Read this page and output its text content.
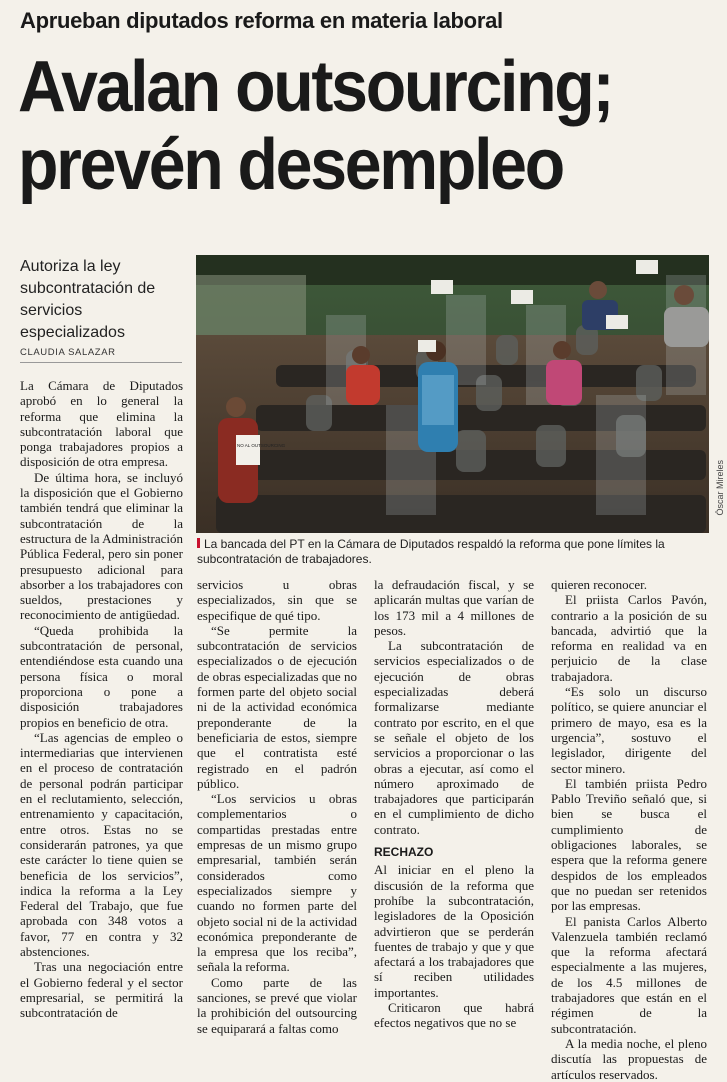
Aprueban diputados reforma en materia laboral
Avalan outsourcing;
prevén desempleo
Autoriza la ley subcontratación de servicios especializados
CLAUDIA SALAZAR
NO AL OUTSOURCING
Óscar Mireles
La bancada del PT en la Cámara de Diputados respaldó la reforma que pone límites la subcontratación de trabajadores.

La Cámara de Diputados aprobó en lo general la reforma que elimina la subcontratación laboral que ponga trabajadores propios a disposición de otra empresa.

De última hora, se incluyó la disposición que el Gobierno también tendrá que eliminar la subcontratación de la estructura de la Administración Pública Federal, pero sin poner presupuesto adicional para absorber a los trabajadores con sueldos, prestaciones y reconocimiento de antigüedad.

“Queda prohibida la subcontratación de personal, entendiéndose esta cuando una persona física o moral proporciona o pone a disposición trabajadores propios en beneficio de otra.

“Las agencias de empleo o intermediarias que intervienen en el proceso de contratación de personal podrán participar en el reclutamiento, selección, entrenamiento y capacitación, entre otros. Estas no se considerarán patrones, ya que este carácter lo tiene quien se beneficia de los servicios”, indica la reforma a la Ley Federal del Trabajo, que fue aprobada con 348 votos a favor, 77 en contra y 32 abstenciones.

Tras una negociación entre el Gobierno federal y el sector empresarial, se permitirá la subcontratación de

servicios u obras especializados, sin que se especifique de qué tipo.

“Se permite la subcontratación de servicios especializados o de ejecución de obras especializadas que no formen parte del objeto social ni de la actividad económica preponderante de la beneficiaria de estos, siempre que el contratista esté registrado en el padrón público.

“Los servicios u obras complementarios o compartidas prestadas entre empresas de un mismo grupo empresarial, también serán considerados como especializados siempre y cuando no formen parte del objeto social ni de la actividad económica preponderante de la empresa que los reciba”, señala la reforma.

Como parte de las sanciones, se prevé que violar la prohibición del outsourcing se equiparará a faltas como

la defraudación fiscal, y se aplicarán multas que varían de los 173 mil a 4 millones de pesos.

La subcontratación de servicios especializados o de ejecución de obras especializadas deberá formalizarse mediante contrato por escrito, en el que se señale el objeto de los servicios a proporcionar o las obras a ejecutar, así como el número aproximado de trabajadores que participarán en el cumplimiento de dicho contrato.

RECHAZO

Al iniciar en el pleno la discusión de la reforma que prohíbe la subcontratación, legisladores de la Oposición advirtieron que se perderán fuentes de trabajo y que y que afectará a los trabajadores que sí reciben utilidades importantes.

Criticaron que habrá efectos negativos que no se

quieren reconocer.

El priista Carlos Pavón, contrario a la posición de su bancada, advirtió que la reforma en realidad va en perjuicio de la clase trabajadora.

“Es solo un discurso político, se quiere anunciar el primero de mayo, esa es la urgencia”, sostuvo el legislador, dirigente del sector minero.

El también priista Pedro Pablo Treviño señaló que, si bien se busca el cumplimiento de obligaciones laborales, se espera que la reforma genere despidos de los empleados que no puedan ser retenidos por las empresas.

El panista Carlos Alberto Valenzuela también reclamó que la reforma afectará especialmente a las mujeres, de los 4.5 millones de trabajadores que están en el régimen de la subcontratación.

A la media noche, el pleno discutía las propuestas de artículos reservados.
